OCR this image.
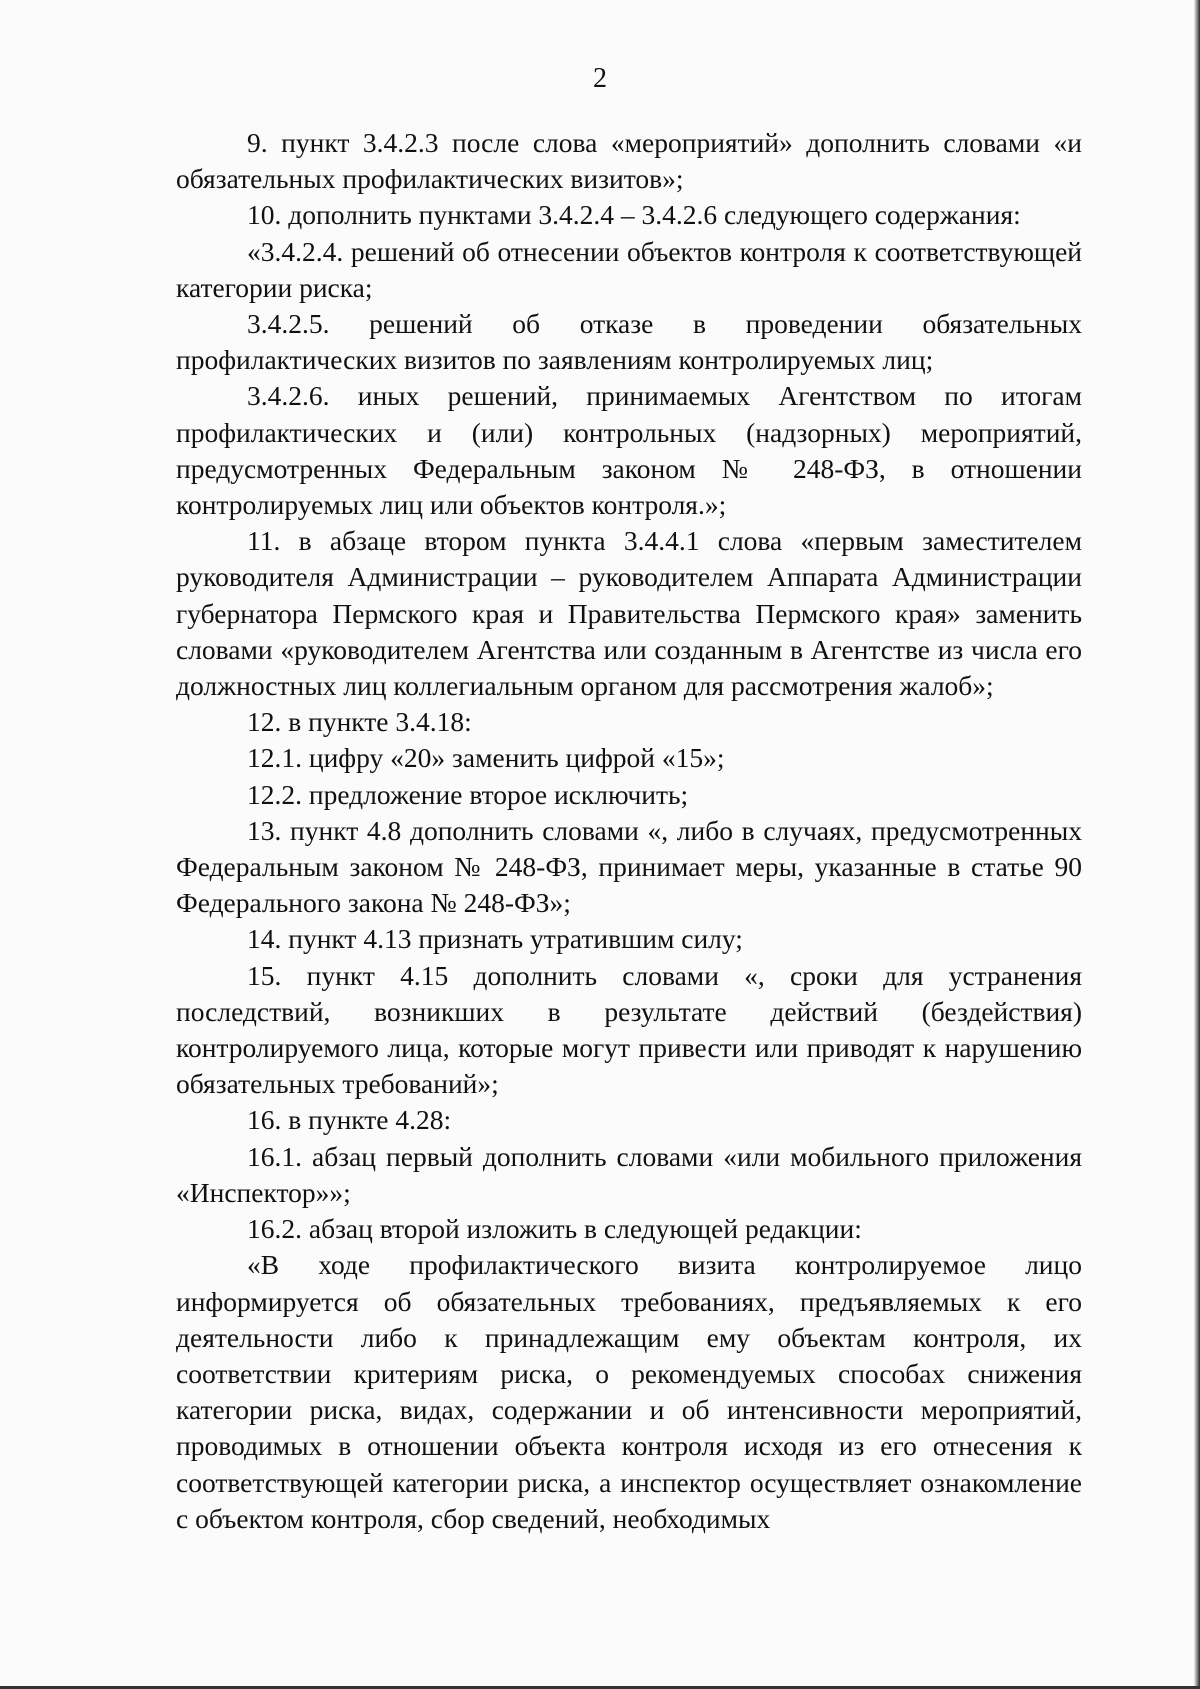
2

9. пункт 3.4.2.3 после слова «мероприятий» дополнить словами «и обязательных профилактических визитов»;

10. дополнить пунктами 3.4.2.4 – 3.4.2.6 следующего содержания:

«3.4.2.4. решений об отнесении объектов контроля к соответствующей категории риска;

3.4.2.5. решений об отказе в проведении обязательных профилактических визитов по заявлениям контролируемых лиц;

3.4.2.6. иных решений, принимаемых Агентством по итогам профилактических и (или) контрольных (надзорных) мероприятий, предусмотренных Федеральным законом № 248-ФЗ, в отношении контролируемых лиц или объектов контроля.»;

11. в абзаце втором пункта 3.4.4.1 слова «первым заместителем руководителя Администрации – руководителем Аппарата Администрации губернатора Пермского края и Правительства Пермского края» заменить словами «руководителем Агентства или созданным в Агентстве из числа его должностных лиц коллегиальным органом для рассмотрения жалоб»;

12. в пункте 3.4.18:

12.1. цифру «20» заменить цифрой «15»;

12.2. предложение второе исключить;

13. пункт 4.8 дополнить словами «, либо в случаях, предусмотренных Федеральным законом № 248-ФЗ, принимает меры, указанные в статье 90 Федерального закона № 248-ФЗ»;

14. пункт 4.13 признать утратившим силу;

15. пункт 4.15 дополнить словами «, сроки для устранения последствий, возникших в результате действий (бездействия) контролируемого лица, которые могут привести или приводят к нарушению обязательных требований»;

16. в пункте 4.28:

16.1. абзац первый дополнить словами «или мобильного приложения «Инспектор»»;

16.2. абзац второй изложить в следующей редакции:

«В ходе профилактического визита контролируемое лицо информируется об обязательных требованиях, предъявляемых к его деятельности либо к принадлежащим ему объектам контроля, их соответствии критериям риска, о рекомендуемых способах снижения категории риска, видах, содержании и об интенсивности мероприятий, проводимых в отношении объекта контроля исходя из его отнесения к соответствующей категории риска, а инспектор осуществляет ознакомление с объектом контроля, сбор сведений, необходимых
